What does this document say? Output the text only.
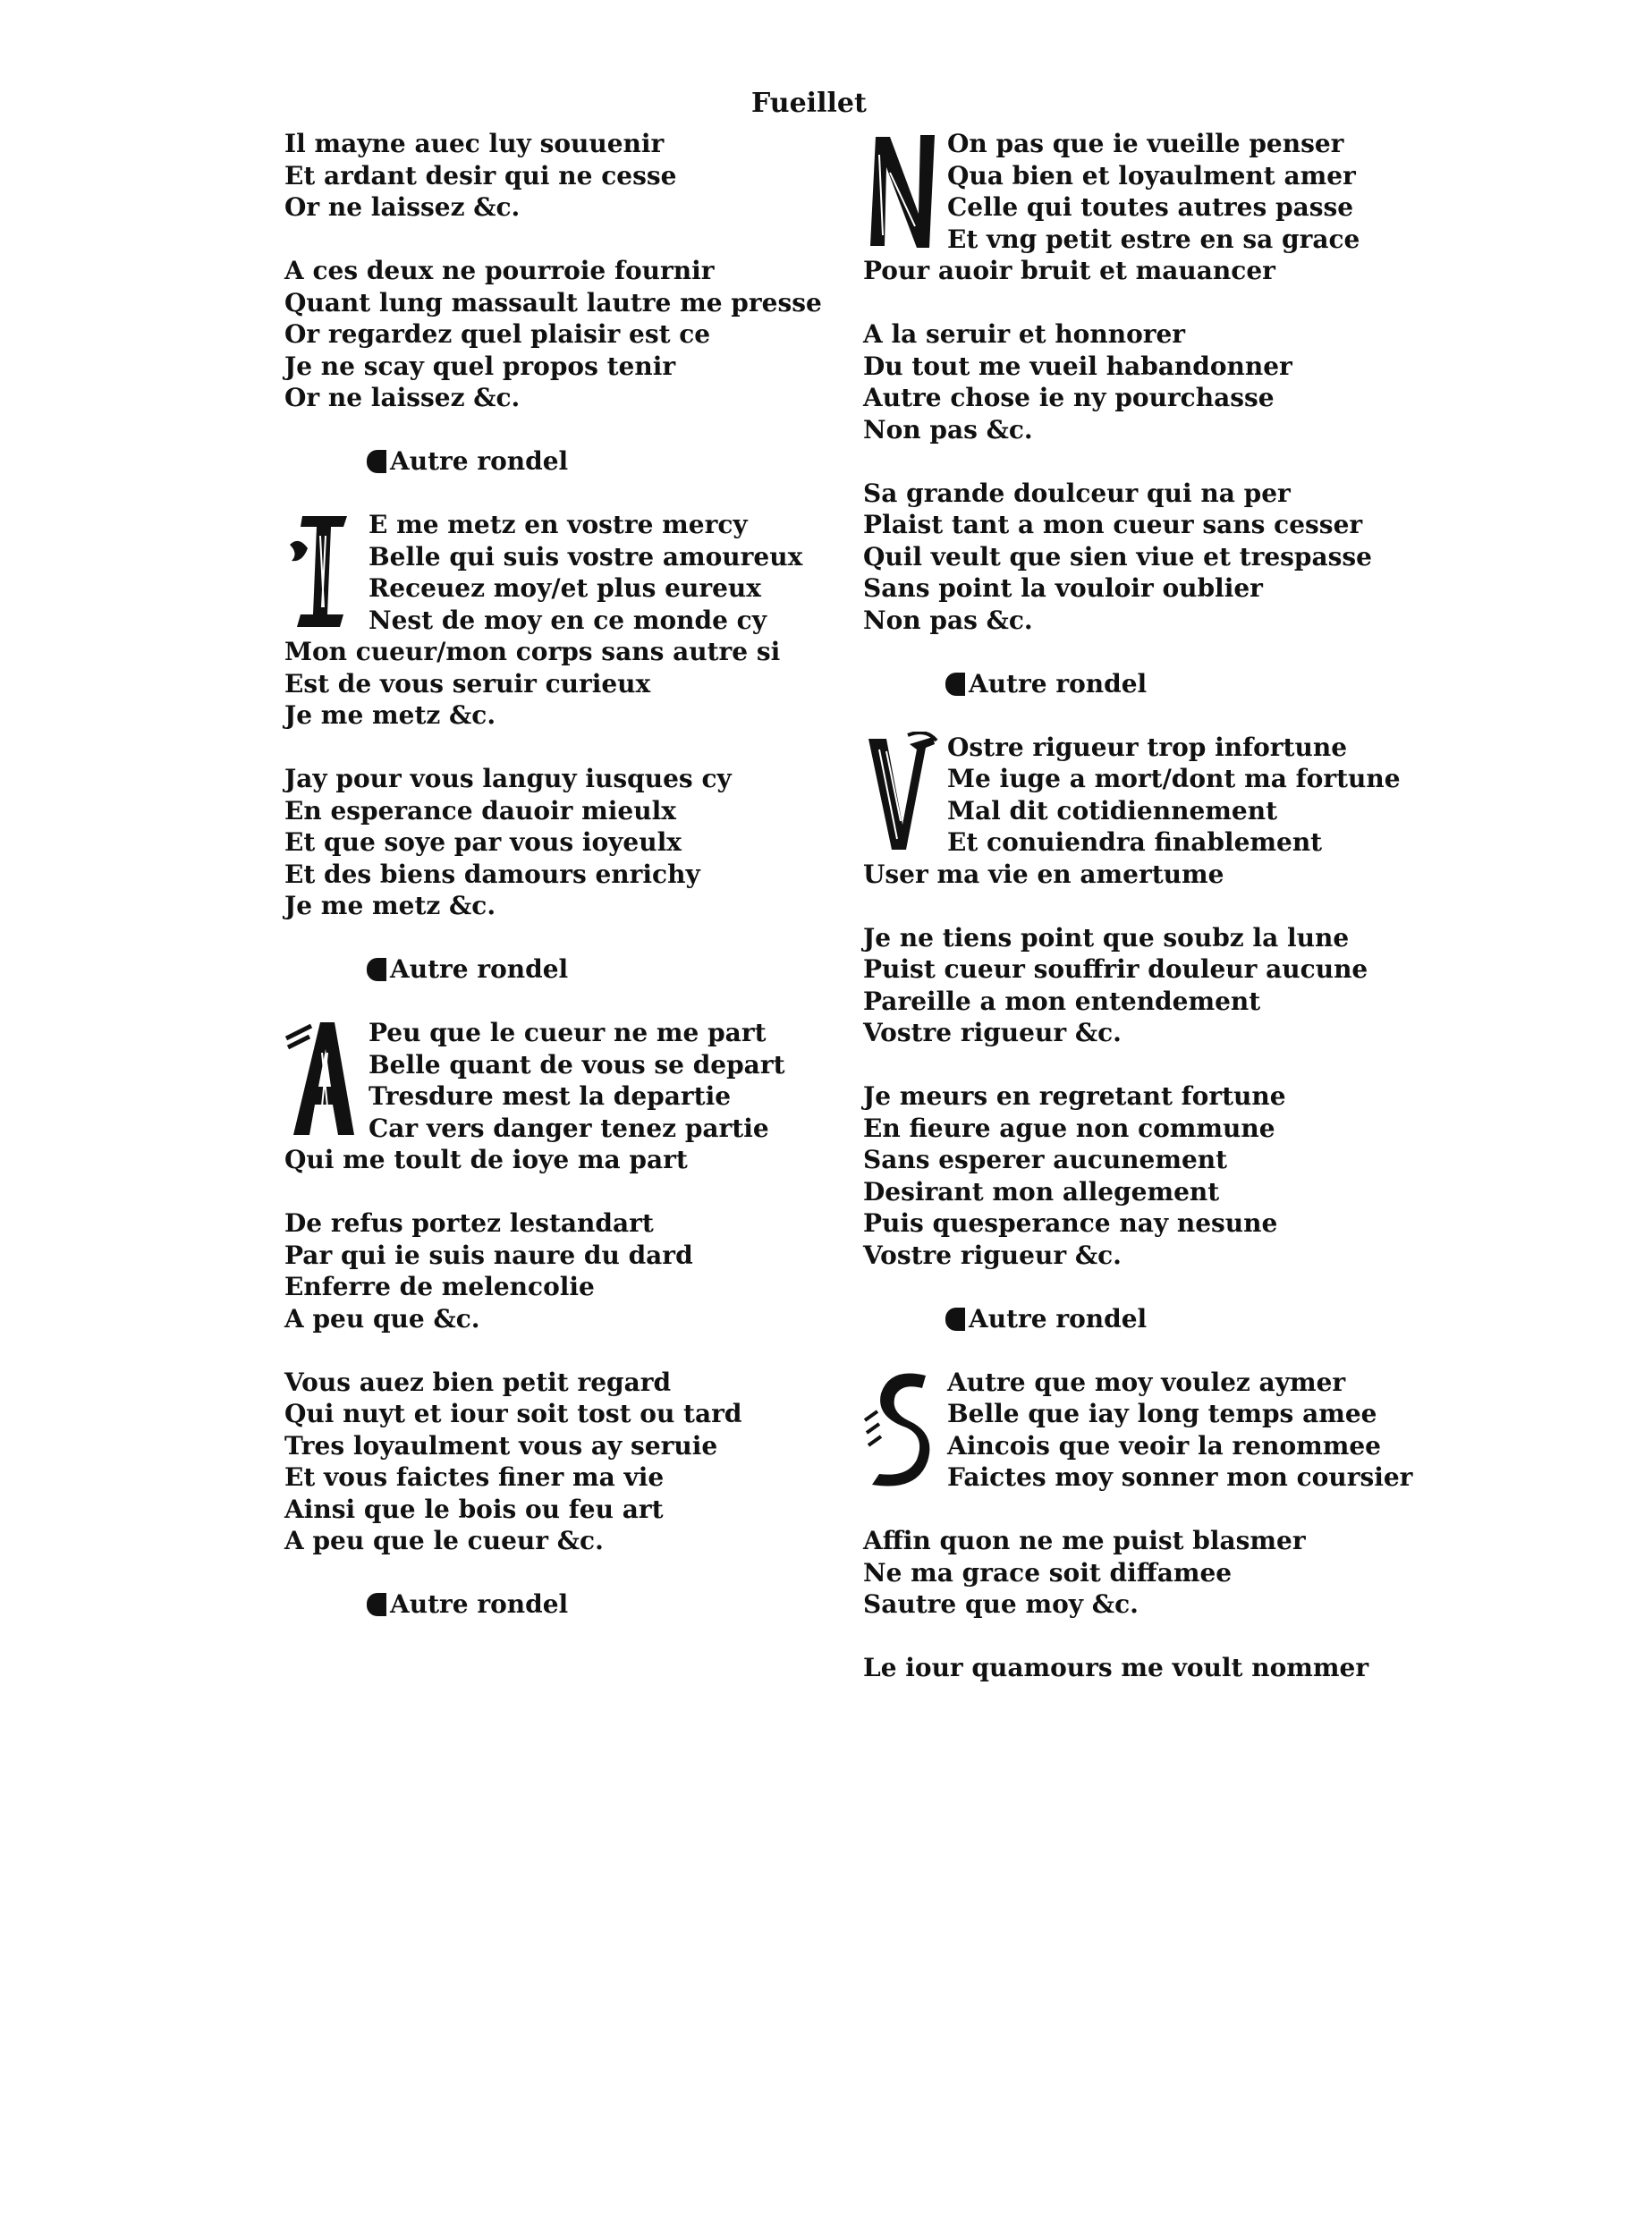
Fueillet
Il mayne auec luy souuenir
Et ardant desir qui ne cesse
Or ne laissez &c.
A ces deux ne pourroie fournir
Quant lung massault lautre me presse
Or regardez quel plaisir est ce
Je ne scay quel propos tenir
Or ne laissez &c.
Autre rondel
E me metz en vostre mercy
Belle qui suis vostre amoureux
Receuez moy/et plus eureux
Nest de moy en ce monde cy
Mon cueur/mon corps sans autre si
Est de vous seruir curieux
Je me metz &c.
Jay pour vous languy iusques cy
En esperance dauoir mieulx
Et que soye par vous ioyeulx
Et des biens damours enrichy
Je me metz &c.
Autre rondel
Peu que le cueur ne me part
Belle quant de vous se depart
Tresdure mest la departie
Car vers danger tenez partie
Qui me toult de ioye ma part
De refus portez lestandart
Par qui ie suis naure du dard
Enferre de melencolie
A peu que &c.
Vous auez bien petit regard
Qui nuyt et iour soit tost ou tard
Tres loyaulment vous ay seruie
Et vous faictes finer ma vie
Ainsi que le bois ou feu art
A peu que le cueur &c.
Autre rondel
On pas que ie vueille penser
Qua bien et loyaulment amer
Celle qui toutes autres passe
Et vng petit estre en sa grace
Pour auoir bruit et mauancer
A la seruir et honnorer
Du tout me vueil habandonner
Autre chose ie ny pourchasse
Non pas &c.
Sa grande doulceur qui na per
Plaist tant a mon cueur sans cesser
Quil veult que sien viue et trespasse
Sans point la vouloir oublier
Non pas &c.
Autre rondel
Ostre rigueur trop infortune
Me iuge a mort/dont ma fortune
Mal dit cotidiennement
Et conuiendra finablement
User ma vie en amertume
Je ne tiens point que soubz la lune
Puist cueur souffrir douleur aucune
Pareille a mon entendement
Vostre rigueur &c.
Je meurs en regretant fortune
En fieure ague non commune
Sans esperer aucunement
Desirant mon allegement
Puis quesperance nay nesune
Vostre rigueur &c.
Autre rondel
Autre que moy voulez aymer
Belle que iay long temps amee
Aincois que veoir la renommee
Faictes moy sonner mon coursier
Affin quon ne me puist blasmer
Ne ma grace soit diffamee
Sautre que moy &c.
Le iour quamours me voult nommer
